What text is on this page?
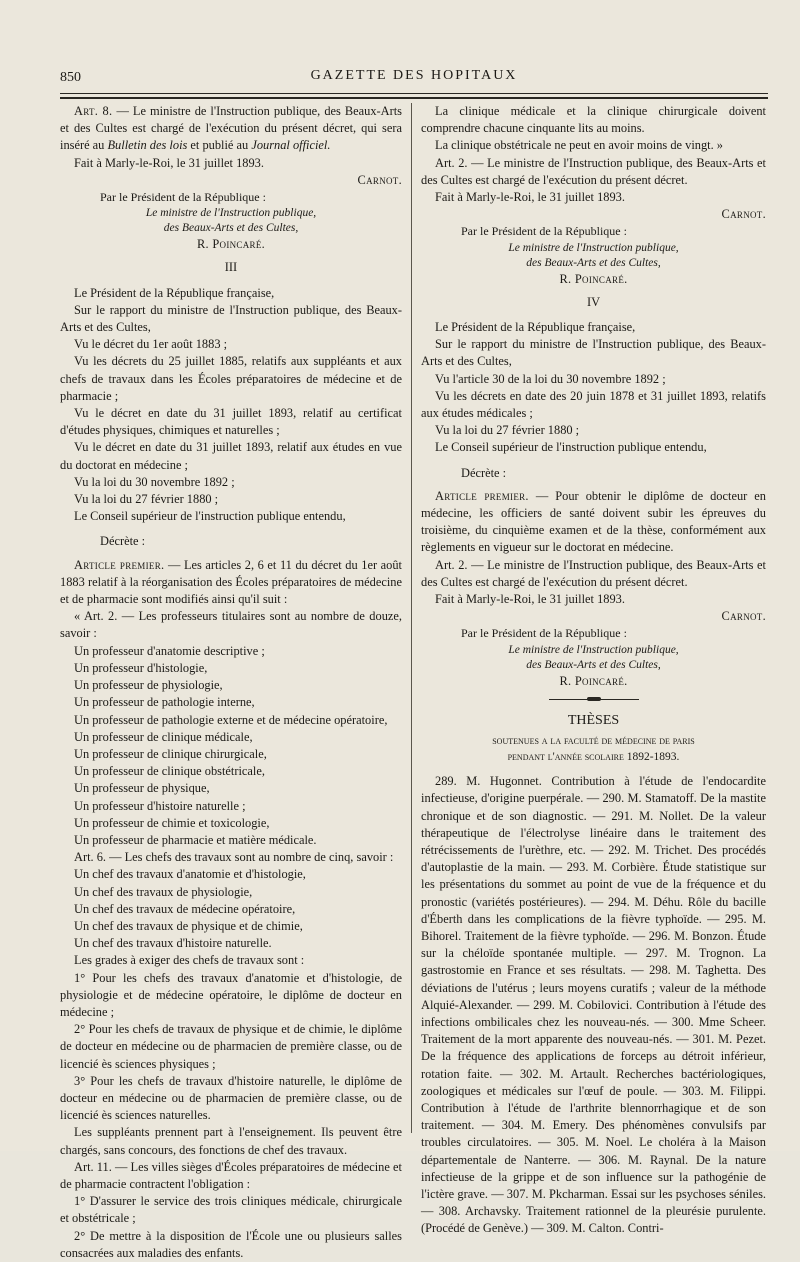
850	GAZETTE DES HOPITAUX

Art. 8. — Le ministre de l'Instruction publique, des Beaux-Arts et des Cultes est chargé de l'exécution du présent décret, qui sera inséré au Bulletin des lois et publié au Journal officiel.

Fait à Marly-le-Roi, le 31 juillet 1893.

Carnot.

Par le Président de la République :

Le ministre de l'Instruction publique,

des Beaux-Arts et des Cultes,

R. Poincaré.

III

Le Président de la République française,

Sur le rapport du ministre de l'Instruction publique, des Beaux-Arts et des Cultes,

Vu le décret du 1er août 1883 ;

Vu les décrets du 25 juillet 1885, relatifs aux suppléants et aux chefs de travaux dans les Écoles préparatoires de médecine et de pharmacie ;

Vu le décret en date du 31 juillet 1893, relatif au certificat d'études physiques, chimiques et naturelles ;

Vu le décret en date du 31 juillet 1893, relatif aux études en vue du doctorat en médecine ;

Vu la loi du 30 novembre 1892 ;

Vu la loi du 27 février 1880 ;

Le Conseil supérieur de l'instruction publique entendu,

Décrète :

Article premier. — Les articles 2, 6 et 11 du décret du 1er août 1883 relatif à la réorganisation des Écoles préparatoires de médecine et de pharmacie sont modifiés ainsi qu'il suit :

« Art. 2. — Les professeurs titulaires sont au nombre de douze, savoir :

Un professeur d'anatomie descriptive ;

Un professeur d'histologie,

Un professeur de physiologie,

Un professeur de pathologie interne,

Un professeur de pathologie externe et de médecine opératoire,

Un professeur de clinique médicale,

Un professeur de clinique chirurgicale,

Un professeur de clinique obstétricale,

Un professeur de physique,

Un professeur d'histoire naturelle ;

Un professeur de chimie et toxicologie,

Un professeur de pharmacie et matière médicale.

Art. 6. — Les chefs des travaux sont au nombre de cinq, savoir :

Un chef des travaux d'anatomie et d'histologie,

Un chef des travaux de physiologie,

Un chef des travaux de médecine opératoire,

Un chef des travaux de physique et de chimie,

Un chef des travaux d'histoire naturelle.

Les grades à exiger des chefs de travaux sont :

1° Pour les chefs des travaux d'anatomie et d'histologie, de physiologie et de médecine opératoire, le diplôme de docteur en médecine ;

2° Pour les chefs de travaux de physique et de chimie, le diplôme de docteur en médecine ou de pharmacien de première classe, ou de licencié ès sciences physiques ;

3° Pour les chefs de travaux d'histoire naturelle, le diplôme de docteur en médecine ou de pharmacien de première classe, ou de licencié ès sciences naturelles.

Les suppléants prennent part à l'enseignement. Ils peuvent être chargés, sans concours, des fonctions de chef des travaux.

Art. 11. — Les villes sièges d'Écoles préparatoires de médecine et de pharmacie contractent l'obligation :

1° D'assurer le service des trois cliniques médicale, chirurgicale et obstétricale ;

2° De mettre à la disposition de l'École une ou plusieurs salles consacrées aux maladies des enfants.

La clinique médicale et la clinique chirurgicale doivent comprendre chacune cinquante lits au moins.

La clinique obstétricale ne peut en avoir moins de vingt. »

Art. 2. — Le ministre de l'Instruction publique, des Beaux-Arts et des Cultes est chargé de l'exécution du présent décret.

Fait à Marly-le-Roi, le 31 juillet 1893.

Carnot.

Par le Président de la République :

Le ministre de l'Instruction publique,

des Beaux-Arts et des Cultes,

R. Poincaré.

IV

Le Président de la République française,

Sur le rapport du ministre de l'Instruction publique, des Beaux-Arts et des Cultes,

Vu l'article 30 de la loi du 30 novembre 1892 ;

Vu les décrets en date des 20 juin 1878 et 31 juillet 1893, relatifs aux études médicales ;

Vu la loi du 27 février 1880 ;

Le Conseil supérieur de l'instruction publique entendu,

Décrète :

Article premier. — Pour obtenir le diplôme de docteur en médecine, les officiers de santé doivent subir les épreuves du troisième, du cinquième examen et de la thèse, conformément aux règlements en vigueur sur le doctorat en médecine.

Art. 2. — Le ministre de l'Instruction publique, des Beaux-Arts et des Cultes est chargé de l'exécution du présent décret.

Fait à Marly-le-Roi, le 31 juillet 1893.

Carnot.

Par le Président de la République :

Le ministre de l'Instruction publique,

des Beaux-Arts et des Cultes,

R. Poincaré.

THÈSES

soutenues a la faculté de médecine de paris

pendant l'année scolaire 1892-1893.

289. M. Hugonnet. Contribution à l'étude de l'endocardite infectieuse, d'origine puerpérale. — 290. M. Stamatoff. De la mastite chronique et de son diagnostic. — 291. M. Nollet. De la valeur thérapeutique de l'électrolyse linéaire dans le traitement des rétrécissements de l'urèthre, etc. — 292. M. Trichet. Des procédés d'autoplastie de la main. — 293. M. Corbière. Étude statistique sur les présentations du sommet au point de vue de la fréquence et du pronostic (variétés postérieures). — 294. M. Déhu. Rôle du bacille d'Éberth dans les complications de la fièvre typhoïde. — 295. M. Bihorel. Traitement de la fièvre typhoïde. — 296. M. Bonzon. Étude sur la chéloïde spontanée multiple. — 297. M. Trognon. La gastrostomie en France et ses résultats. — 298. M. Taghetta. Des déviations de l'utérus ; leurs moyens curatifs ; valeur de la méthode Alquié-Alexander. — 299. M. Cobilovici. Contribution à l'étude des infections ombilicales chez les nouveau-nés. — 300. Mme Scheer. Traitement de la mort apparente des nouveau-nés. — 301. M. Pezet. De la fréquence des applications de forceps au détroit inférieur, rotation faite. — 302. M. Artault. Recherches bactériologiques, zoologiques et médicales sur l'œuf de poule. — 303. M. Filippi. Contribution à l'étude de l'arthrite blennorrhagique et de son traitement. — 304. M. Emery. Des phénomènes convulsifs par troubles circulatoires. — 305. M. Noel. Le choléra à la Maison départementale de Nanterre. — 306. M. Raynal. De la nature infectieuse de la grippe et de son influence sur la pathogénie de l'ictère grave. — 307. M. Pkcharman. Essai sur les psychoses séniles. — 308. Archavsky. Traitement rationnel de la pleurésie purulente. (Procédé de Genève.) — 309. M. Calton. Contri-
